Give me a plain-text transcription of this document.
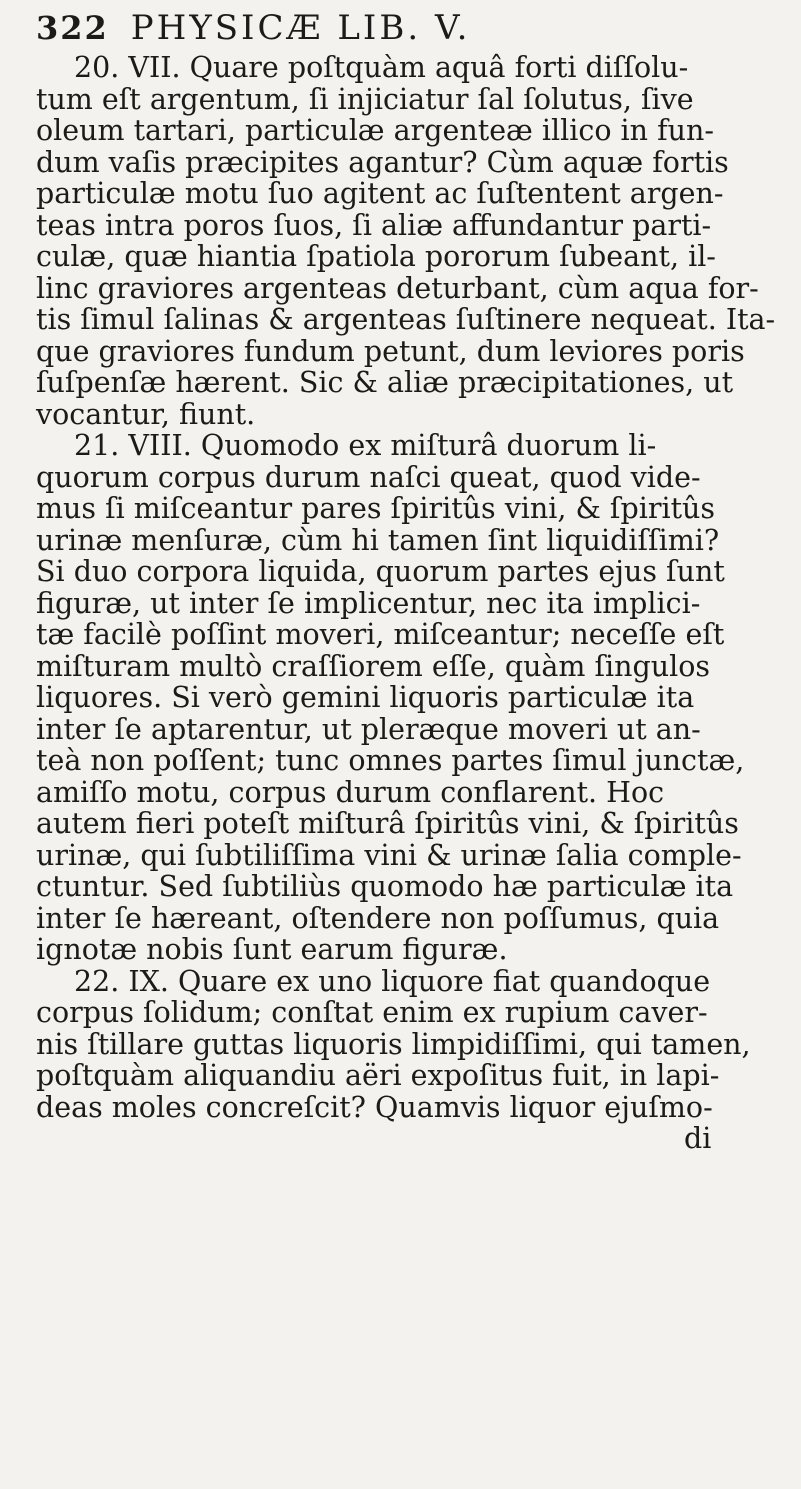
322 PHYSICÆ LIB. V.
20. VII. Quare poſtquàm aquâ forti diſſolu-
tum eſt argentum, ſi injiciatur ſal ſolutus, ſive
oleum tartari, particulæ argenteæ illico in fun-
dum vaſis præcipites agantur? Cùm aquæ fortis
particulæ motu ſuo agitent ac ſuſtentent argen-
teas intra poros ſuos, ſi aliæ affundantur parti-
culæ, quæ hiantia ſpatiola pororum ſubeant, il-
linc graviores argenteas deturbant, cùm aqua for-
tis ſimul ſalinas & argenteas ſuſtinere nequeat. Ita-
que graviores fundum petunt, dum leviores poris
ſuſpenſæ hærent. Sic & aliæ præcipitationes, ut
vocantur, fiunt.
21. VIII. Quomodo ex miſturâ duorum li-
quorum corpus durum naſci queat, quod vide-
mus ſi miſceantur pares ſpiritûs vini, & ſpiritûs
urinæ menſuræ, cùm hi tamen ſint liquidiſſimi?
Si duo corpora liquida, quorum partes ejus ſunt
figuræ, ut inter ſe implicentur, nec ita implici-
tæ facilè poſſint moveri, miſceantur; neceſſe eſt
miſturam multò craſſiorem eſſe, quàm ſingulos
liquores. Si verò gemini liquoris particulæ ita
inter ſe aptarentur, ut pleræque moveri ut an-
teà non poſſent; tunc omnes partes ſimul junctæ,
amiſſo motu, corpus durum conflarent. Hoc
autem fieri poteſt miſturâ ſpiritûs vini, & ſpiritûs
urinæ, qui ſubtiliſſima vini & urinæ ſalia comple-
ctuntur. Sed ſubtiliùs quomodo hæ particulæ ita
inter ſe hæreant, oſtendere non poſſumus, quia
ignotæ nobis ſunt earum figuræ.
22. IX. Quare ex uno liquore fiat quandoque
corpus ſolidum; conſtat enim ex rupium caver-
nis ſtillare guttas liquoris limpidiſſimi, qui tamen,
poſtquàm aliquandiu aëri expoſitus fuit, in lapi-
deas moles concreſcit? Quamvis liquor ejuſmo-
di
